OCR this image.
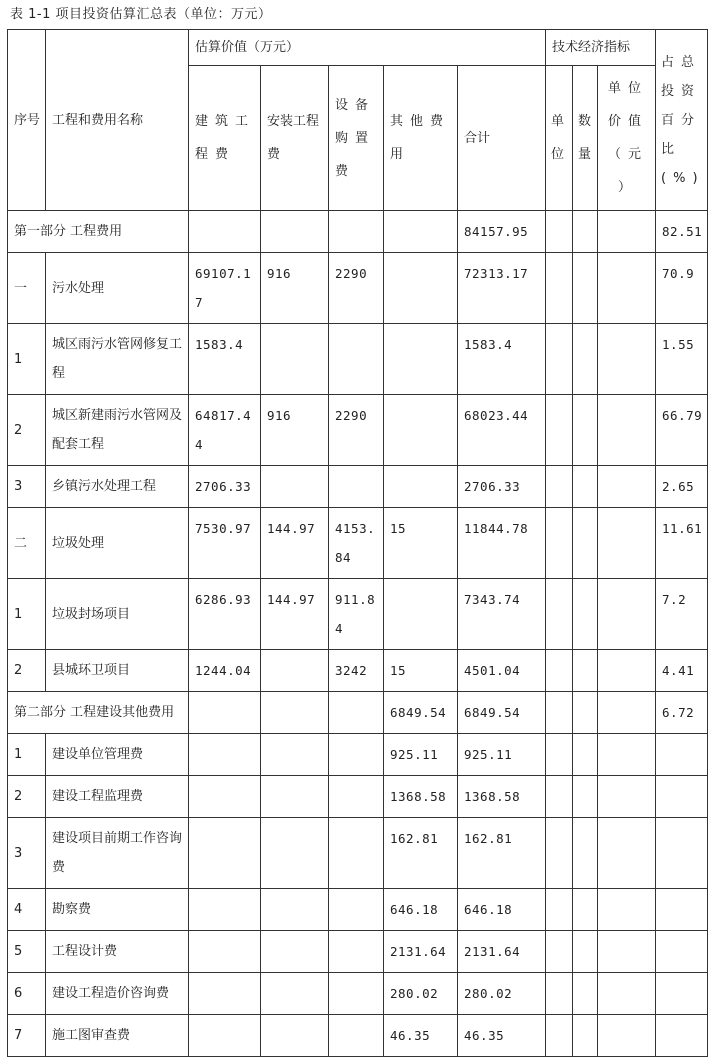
表 1-1 项目投资估算汇总表（单位：万元）
序号	工程和费用名称	估算价值（万元）					技术经济指标			占总投资百分比(%)
		建筑工程费	安装工程费	设备购置费	其他费用	合计	单位	数量	单位价值（元）	
第一部分 工程费用						84157.95				82.51
一	污水处理	69107.17	916	2290		72313.17				70.9
1	城区雨污水管网修复工程	1583.4				1583.4				1.55
2	城区新建雨污水管网及配套工程	64817.44	916	2290		68023.44				66.79
3	乡镇污水处理工程	2706.33				2706.33				2.65
二	垃圾处理	7530.97	144.97	4153.84	15	11844.78				11.61
1	垃圾封场项目	6286.93	144.97	911.84		7343.74				7.2
2	县城环卫项目	1244.04		3242	15	4501.04				4.41
第二部分 工程建设其他费用					6849.54	6849.54				6.72
1	建设单位管理费				925.11	925.11				
2	建设工程监理费				1368.58	1368.58				
3	建设项目前期工作咨询费				162.81	162.81				
4	勘察费				646.18	646.18				
5	工程设计费				2131.64	2131.64				
6	建设工程造价咨询费				280.02	280.02				
7	施工图审查费				46.35	46.35				
